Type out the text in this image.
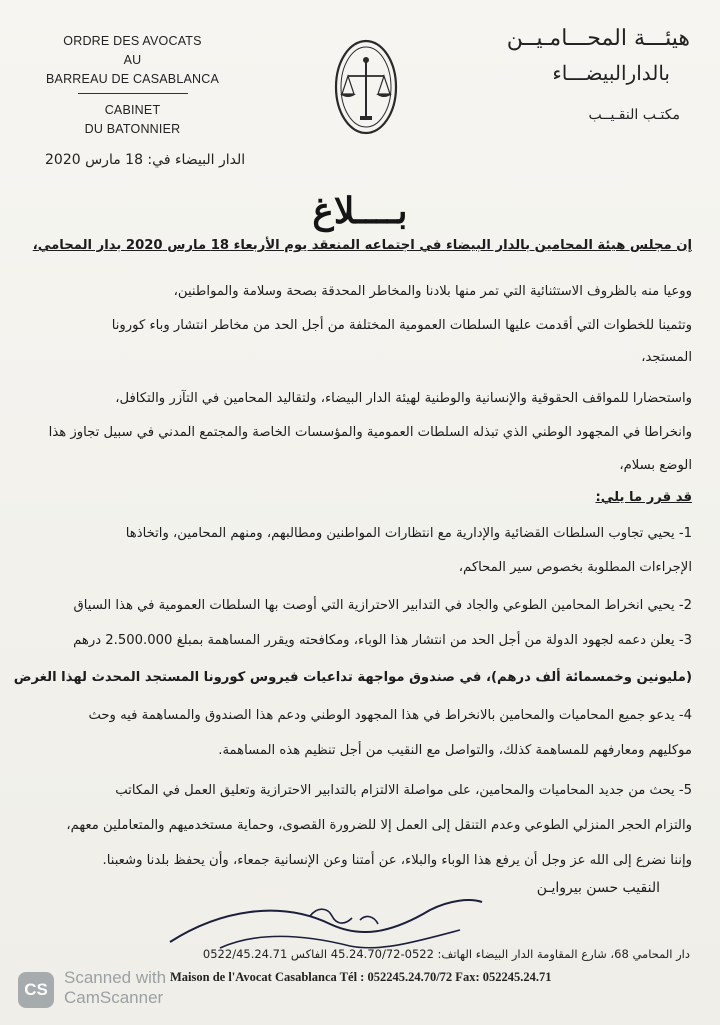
ORDRE DES AVOCATS
AU
BARREAU DE CASABLANCA
CABINET
DU BATONNIER
هيئـــة المحـــامـيــن
بالدارالبيضـــاء
مكتـب النقـيــب
الدار البيضاء في: 18 مارس 2020
بــــلاغ
إن مجلس هيئة المحامين بالدار البيضاء في اجتماعه المنعقد يوم الأربعاء 18 مارس 2020 بدار المحامي،
ووعيا منه بالظروف الاستثنائية التي تمر منها بلادنا والمخاطر المحدقة بصحة وسلامة والمواطنين،
وتثمينا للخطوات التي أقدمت عليها السلطات العمومية المختلفة من أجل الحد من مخاطر انتشار وباء كورونا
المستجد،
واستحضارا للمواقف الحقوقية والإنسانية والوطنية لهيئة الدار البيضاء، ولتقاليد المحامين في التآزر والتكافل،
وانخراطا في المجهود الوطني الذي تبذله السلطات العمومية والمؤسسات الخاصة والمجتمع المدني في سبيل تجاوز هذا
الوضع بسلام،
قد قرر ما يلي:
1- يحيي تجاوب السلطات القضائية والإدارية مع انتظارات المواطنين ومطالبهم، ومنهم المحامين، واتخاذها
الإجراءات المطلوبة بخصوص سير المحاكم،
2- يحيي انخراط المحامين الطوعي والجاد في التدابير الاحترازية التي أوصت بها السلطات العمومية في هذا السياق
3- يعلن دعمه لجهود الدولة من أجل الحد من انتشار هذا الوباء، ومكافحته ويقرر المساهمة بمبلغ 2.500.000 درهم
(مليونين وخمسمائة ألف درهم)، في صندوق مواجهة تداعيات فيروس كورونا المستجد المحدث لهذا الغرض
4- يدعو جميع المحاميات والمحامين بالانخراط في هذا المجهود الوطني ودعم هذا الصندوق والمساهمة فيه وحث
موكليهم ومعارفهم للمساهمة كذلك، والتواصل مع النقيب من أجل تنظيم هذه المساهمة.
5- يحث من جديد المحاميات والمحامين، على مواصلة الالتزام بالتدابير الاحترازية وتعليق العمل في المكاتب
والتزام الحجر المنزلي الطوعي وعدم التنقل إلى العمل إلا للضرورة القصوى، وحماية مستخدميهم والمتعاملين معهم،
وإننا نضرع إلى الله عز وجل أن يرفع هذا الوباء والبلاء، عن أمتنا وعن الإنسانية جمعاء، وأن يحفظ بلدنا وشعبنا.
النقيب حسن بيروايـن
دار المحامي 68، شارع المقاومة الدار البيضاء الهاتف: 0522-45.24.70/72 الفاكس 0522/45.24.71
Maison de l'Avocat Casablanca Tél : 052245.24.70/72 Fax: 052245.24.71
CS
Scanned with
CamScanner
